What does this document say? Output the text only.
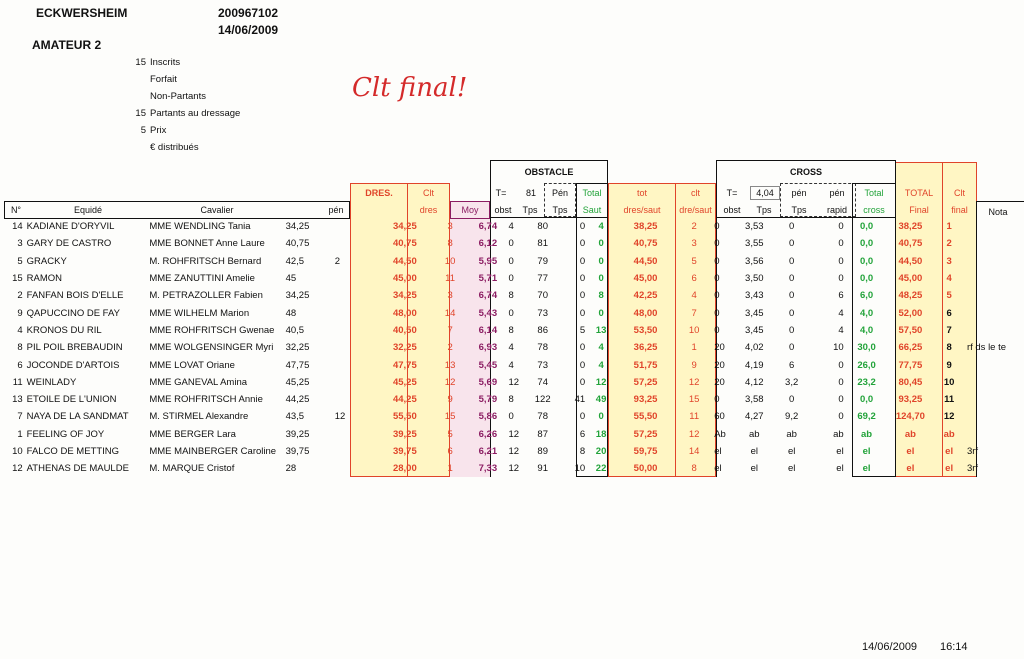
ECKWERSHEIM	200967102
14/06/2009
AMATEUR 2
15 Inscrits
Forfait
Non-Partants
15 Partants au dressage
5 Prix
€ distribués
Clt final!
N°	Equidé	Cavalier	pén
DRES.	Clt
dres	Moy
OBSTACLE
T=	81	Pén
obst	Tps	Tps
Total
Saut
tot
dres/saut
clt
dre/saut
CROSS
T=	4,04	pén	pén
obst	Tps	Tps	rapid
Total
cross
TOTAL
Final
Clt
final	Nota
14	KADIANE D'ORYVIL	MME WENDLING Tania	34,25			34,25	3	6,74	4	80	0	4	38,25	2	0	3,53	0	0	0,0	38,25	1	
3	GARY DE CASTRO	MME BONNET Anne Laure	40,75			40,75	8	6,12	0	81	0	0	40,75	3	0	3,55	0	0	0,0	40,75	2	
5	GRACKY	M. ROHFRITSCH Bernard	42,5	2		44,50	10	5,95	0	79	0	0	44,50	5	0	3,56	0	0	0,0	44,50	3	
15	RAMON	MME ZANUTTINI Amelie	45			45,00	11	5,71	0	77	0	0	45,00	6	0	3,50	0	0	0,0	45,00	4	
2	FANFAN BOIS D'ELLE	M. PETRAZOLLER Fabien	34,25			34,25	3	6,74	8	70	0	8	42,25	4	0	3,43	0	6	6,0	48,25	5	
9	QAPUCCINO DE FAY	MME WILHELM Marion	48			48,00	14	5,43	0	73	0	0	48,00	7	0	3,45	0	4	4,0	52,00	6	
4	KRONOS DU RIL	MME ROHFRITSCH Gwenae	40,5			40,50	7	6,14	8	86	5	13	53,50	10	0	3,45	0	4	4,0	57,50	7	
8	PIL POIL BREBAUDIN	MME WOLGENSINGER Myri	32,25			32,25	2	6,93	4	78	0	4	36,25	1	20	4,02	0	10	30,0	66,25	8	rf ds le te
6	JOCONDE D'ARTOIS	MME LOVAT Oriane	47,75			47,75	13	5,45	4	73	0	4	51,75	9	20	4,19	6	0	26,0	77,75	9	
11	WEINLADY	MME GANEVAL Amina	45,25			45,25	12	5,69	12	74	0	12	57,25	12	20	4,12	3,2	0	23,2	80,45	10	
13	ETOILE DE L'UNION	MME ROHFRITSCH Annie	44,25			44,25	9	5,79	8	122	41	49	93,25	15	0	3,58	0	0	0,0	93,25	11	
7	NAYA DE LA SANDMAT	M. STIRMEL Alexandre	43,5	12		55,50	15	5,86	0	78	0	0	55,50	11	60	4,27	9,2	0	69,2	124,70	12	
1	FEELING OF JOY	MME BERGER Lara	39,25			39,25	5	6,26	12	87	6	18	57,25	12	Ab	ab	ab	ab	ab	ab	ab	
10	FALCO DE METTING	MME MAINBERGER Caroline	39,75			39,75	6	6,21	12	89	8	20	59,75	14	el	el	el	el	el	el	el	3rf
12	ATHENAS DE MAULDE	M. MARQUE Cristof	28			28,00	1	7,33	12	91	10	22	50,00	8	el	el	el	el	el	el	el	3rf
14/06/2009 16:14
